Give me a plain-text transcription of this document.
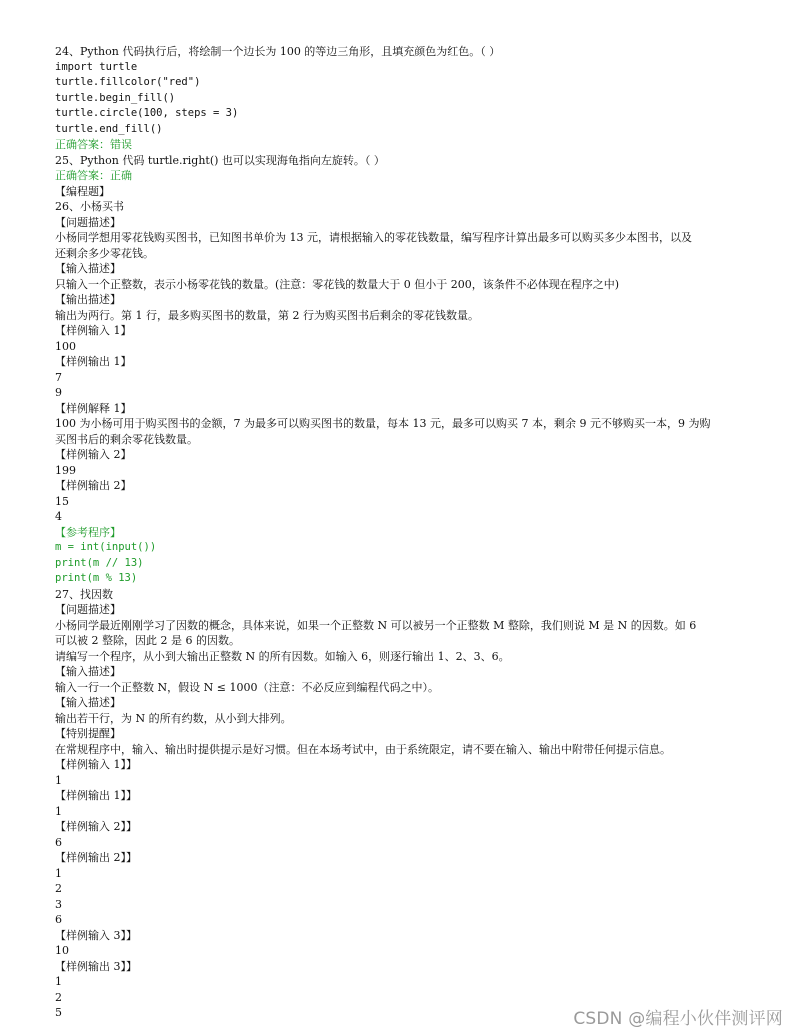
24、Python 代码执行后，将绘制一个边长为 100 的等边三角形，且填充颜色为红色。（ ）
import turtle
turtle.fillcolor("red")
turtle.begin_fill()
turtle.circle(100, steps = 3)
turtle.end_fill()
正确答案：错误
25、Python 代码 turtle.right() 也可以实现海龟指向左旋转。（ ）
正确答案：正确
【编程题】
26、小杨买书
【问题描述】
小杨同学想用零花钱购买图书，已知图书单价为 13 元，请根据输入的零花钱数量，编写程序计算出最多可以购买多少本图书，以及
还剩余多少零花钱。
【输入描述】
只输入一个正整数，表示小杨零花钱的数量。(注意：零花钱的数量大于 0 但小于 200，该条件不必体现在程序之中)
【输出描述】
输出为两行。第 1 行，最多购买图书的数量，第 2 行为购买图书后剩余的零花钱数量。
【样例输入 1】
100
【样例输出 1】
7
9
【样例解释 1】
100 为小杨可用于购买图书的金额，7 为最多可以购买图书的数量，每本 13 元，最多可以购买 7 本，剩余 9 元不够购买一本，9 为购
买图书后的剩余零花钱数量。
【样例输入 2】
199
【样例输出 2】
15
4
【参考程序】
m = int(input())
print(m // 13)
print(m % 13)
27、找因数
【问题描述】
小杨同学最近刚刚学习了因数的概念，具体来说，如果一个正整数 N 可以被另一个正整数 M 整除，我们则说 M 是 N 的因数。如 6
可以被 2 整除，因此 2 是 6 的因数。
请编写一个程序，从小到大输出正整数 N 的所有因数。如输入 6，则逐行输出 1、2、3、6。
【输入描述】
输入一行一个正整数 N，假设 N ≤ 1000（注意：不必反应到编程代码之中）。
【输入描述】
输出若干行，为 N 的所有约数，从小到大排列。
【特别提醒】
在常规程序中，输入、输出时提供提示是好习惯。但在本场考试中，由于系统限定，请不要在输入、输出中附带任何提示信息。
【样例输入 1】】
1
【样例输出 1】】
1
【样例输入 2】】
6
【样例输出 2】】
1
2
3
6
【样例输入 3】】
10
【样例输出 3】】
1
2
5	CSDN @编程小伙伴测评网
